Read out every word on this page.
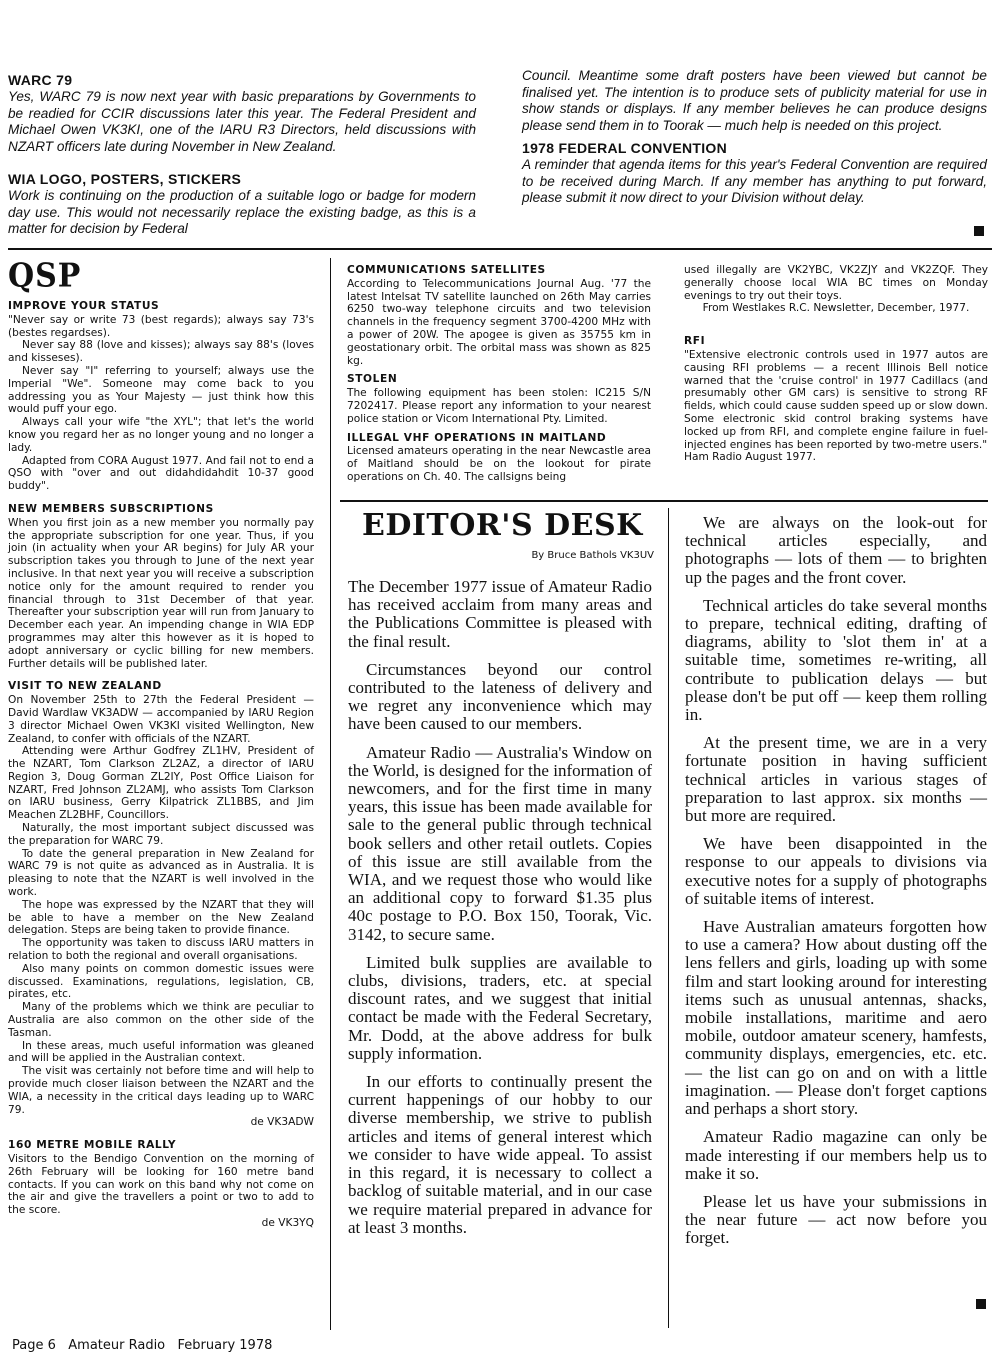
WARC 79

Yes, WARC 79 is now next year with basic preparations by Governments to be readied for CCIR discussions later this year. The Federal President and Michael Owen VK3KI, one of the IARU R3 Directors, held discussions with NZART officers late during November in New Zealand.

WIA LOGO, POSTERS, STICKERS

Work is continuing on the production of a suitable logo or badge for modern day use. This would not necessarily replace the existing badge, as this is a matter for decision by Federal

Council. Meantime some draft posters have been viewed but cannot be finalised yet. The intention is to produce sets of publicity material for use in show stands or displays. If any member believes he can produce designs please send them in to Toorak — much help is needed on this project.

1978 FEDERAL CONVENTION

A reminder that agenda items for this year's Federal Convention are required to be received during March. If any member has anything to put forward, please submit it now direct to your Division without delay.

QSP
IMPROVE YOUR STATUS

"Never say or write 73 (best regards); always say 73's (bestes regardses).

Never say 88 (love and kisses); always say 88's (loves and kisseses).

Never say "I" referring to yourself; always use the Imperial "We". Someone may come back to you addressing you as Your Majesty — just think how this would puff your ego.

Always call your wife "the XYL"; that let's the world know you regard her as no longer young and no longer a lady.

Adapted from CORA August 1977. And fail not to end a QSO with "over and out didahdidahdit 10-37 good buddy".

NEW MEMBERS SUBSCRIPTIONS

When you first join as a new member you normally pay the appropriate subscription for one year. Thus, if you join (in actuality when your AR begins) for July AR your subscription takes you through to June of the next year inclusive. In that next year you will receive a subscription notice only for the amount required to render you financial through to 31st December of that year. Thereafter your subscription year will run from January to December each year. An impending change in WIA EDP programmes may alter this however as it is hoped to adopt anniversary or cyclic billing for new members. Further details will be published later.

VISIT TO NEW ZEALAND

On November 25th to 27th the Federal President — David Wardlaw VK3ADW — accompanied by IARU Region 3 director Michael Owen VK3KI visited Wellington, New Zealand, to confer with officials of the NZART.

Attending were Arthur Godfrey ZL1HV, President of the NZART, Tom Clarkson ZL2AZ, a director of IARU Region 3, Doug Gorman ZL2IY, Post Office Liaison for NZART, Fred Johnson ZL2AMJ, who assists Tom Clarkson on IARU business, Gerry Kilpatrick ZL1BBS, and Jim Meachen ZL2BHF, Councillors.

Naturally, the most important subject discussed was the preparation for WARC 79.

To date the general preparation in New Zealand for WARC 79 is not quite as advanced as in Australia. It is pleasing to note that the NZART is well involved in the work.

The hope was expressed by the NZART that they will be able to have a member on the New Zealand delegation. Steps are being taken to provide finance.

The opportunity was taken to discuss IARU matters in relation to both the regional and overall organisations.

Also many points on common domestic issues were discussed. Examinations, regulations, legislation, CB, pirates, etc.

Many of the problems which we think are peculiar to Australia are also common on the other side of the Tasman.

In these areas, much useful information was gleaned and will be applied in the Australian context.

The visit was certainly not before time and will help to provide much closer liaison between the NZART and the WIA, a necessity in the critical days leading up to WARC 79.

de VK3ADW

160 METRE MOBILE RALLY

Visitors to the Bendigo Convention on the morning of 26th February will be looking for 160 metre band contacts. If you can work on this band why not come on the air and give the travellers a point or two to add to the score.

de VK3YQ

COMMUNICATIONS SATELLITES

According to Telecommunications Journal Aug. '77 the latest Intelsat TV satellite launched on 26th May carries 6250 two-way telephone circuits and two television channels in the frequency segment 3700-4200 MHz with a power of 20W. The apogee is given as 35755 km in geostationary orbit. The orbital mass was shown as 825 kg.

STOLEN

The following equipment has been stolen: IC215 S/N 7202417. Please report any information to your nearest police station or Vicom International Pty. Limited.

ILLEGAL VHF OPERATIONS IN MAITLAND

Licensed amateurs operating in the near Newcastle area of Maitland should be on the lookout for pirate operations on Ch. 40. The callsigns being

used illegally are VK2YBC, VK2ZJY and VK2ZQF. They generally choose local WIA BC times on Monday evenings to try out their toys.

From Westlakes R.C. Newsletter, December, 1977.

RFI

"Extensive electronic controls used in 1977 autos are causing RFI problems — a recent Illinois Bell notice warned that the 'cruise control' in 1977 Cadillacs (and presumably other GM cars) is sensitive to strong RF fields, which could cause sudden speed up or slow down. Some electronic skid control braking systems have locked up from RFI, and complete engine failure in fuel-injected engines has been reported by two-metre users."

Ham Radio August 1977.

EDITOR'S DESK
By Bruce Bathols VK3UV

The December 1977 issue of Amateur Radio has received acclaim from many areas and the Publications Committee is pleased with the final result.

Circumstances beyond our control contributed to the lateness of delivery and we regret any inconvenience which may have been caused to our members.

Amateur Radio — Australia's Window on the World, is designed for the information of newcomers, and for the first time in many years, this issue has been made available for sale to the general public through technical book sellers and other retail outlets. Copies of this issue are still available from the WIA, and we request those who would like an additional copy to forward $1.35 plus 40c postage to P.O. Box 150, Toorak, Vic. 3142, to secure same.

Limited bulk supplies are available to clubs, divisions, traders, etc. at special discount rates, and we suggest that initial contact be made with the Federal Secretary, Mr. Dodd, at the above address for bulk supply information.

In our efforts to continually present the current happenings of our hobby to our diverse membership, we strive to publish articles and items of general interest which we consider to have wide appeal. To assist in this regard, it is necessary to collect a backlog of suitable material, and in our case we require material prepared in advance for at least 3 months.

We are always on the look-out for technical articles especially, and photographs — lots of them — to brighten up the pages and the front cover.

Technical articles do take several months to prepare, technical editing, drafting of diagrams, ability to 'slot them in' at a suitable time, sometimes re-writing, all contribute to publication delays — but please don't be put off — keep them rolling in.

At the present time, we are in a very fortunate position in having sufficient technical articles in various stages of preparation to last approx. six months — but more are required.

We have been disappointed in the response to our appeals to divisions via executive notes for a supply of photographs of suitable items of interest.

Have Australian amateurs forgotten how to use a camera? How about dusting off the lens fellers and girls, loading up with some film and start looking around for interesting items such as unusual antennas, shacks, mobile installations, maritime and aero mobile, outdoor amateur scenery, hamfests, community displays, emergencies, etc. etc. — the list can go on and on with a little imagination. — Please don't forget captions and perhaps a short story.

Amateur Radio magazine can only be made interesting if our members help us to make it so.

Please let us have your submissions in the near future — act now before you forget.

Page 6   Amateur Radio   February 1978
